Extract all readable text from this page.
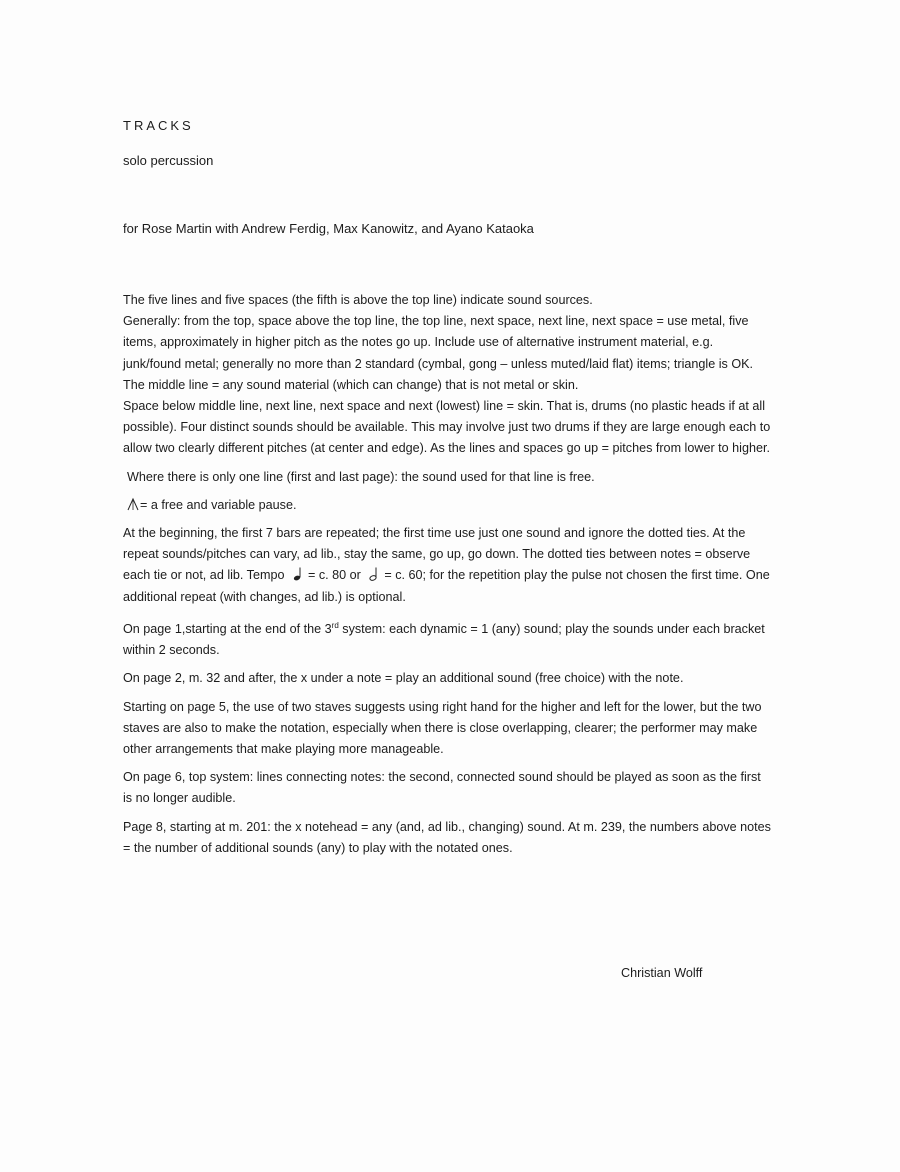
TRACKS
solo percussion
for Rose Martin with Andrew Ferdig, Max Kanowitz, and Ayano Kataoka

The five lines and five spaces (the fifth is above the top line) indicate sound sources.

Generally: from the top, space above the top line, the top line, next space, next line, next space = use metal, five items, approximately in higher pitch as the notes go up. Include use of alternative instrument material, e.g. junk/found metal; generally no more than 2 standard (cymbal, gong – unless muted/laid flat) items; triangle is OK.

The middle line = any sound material (which can change) that is not metal or skin.

Space below middle line, next line, next space and next (lowest) line = skin. That is, drums (no plastic heads if at all possible). Four distinct sounds should be available. This may involve just two drums if they are large enough each to allow two clearly different pitches (at center and edge). As the lines and spaces go up = pitches from lower to higher.

Where there is only one line (first and last page): the sound used for that line is free.

= a free and variable pause.

At the beginning, the first 7 bars are repeated; the first time use just one sound and ignore the dotted ties. At the repeat sounds/pitches can vary, ad lib., stay the same, go up, go down. The dotted ties between notes = observe each tie or not, ad lib. Tempo = c. 80 or = c. 60; for the repetition play the pulse not chosen the first time. One additional repeat (with changes, ad lib.) is optional.

On page 1,starting at the end of the 3rd system: each dynamic = 1 (any) sound; play the sounds under each bracket within 2 seconds.

On page 2, m. 32 and after, the x under a note = play an additional sound (free choice) with the note.

Starting on page 5, the use of two staves suggests using right hand for the higher and left for the lower, but the two staves are also to make the notation, especially when there is close overlapping, clearer; the performer may make other arrangements that make playing more manageable.

On page 6, top system: lines connecting notes: the second, connected sound should be played as soon as the first is no longer audible.

Page 8, starting at m. 201: the x notehead = any (and, ad lib., changing) sound. At m. 239, the numbers above notes = the number of additional sounds (any) to play with the notated ones.

Christian Wolff
